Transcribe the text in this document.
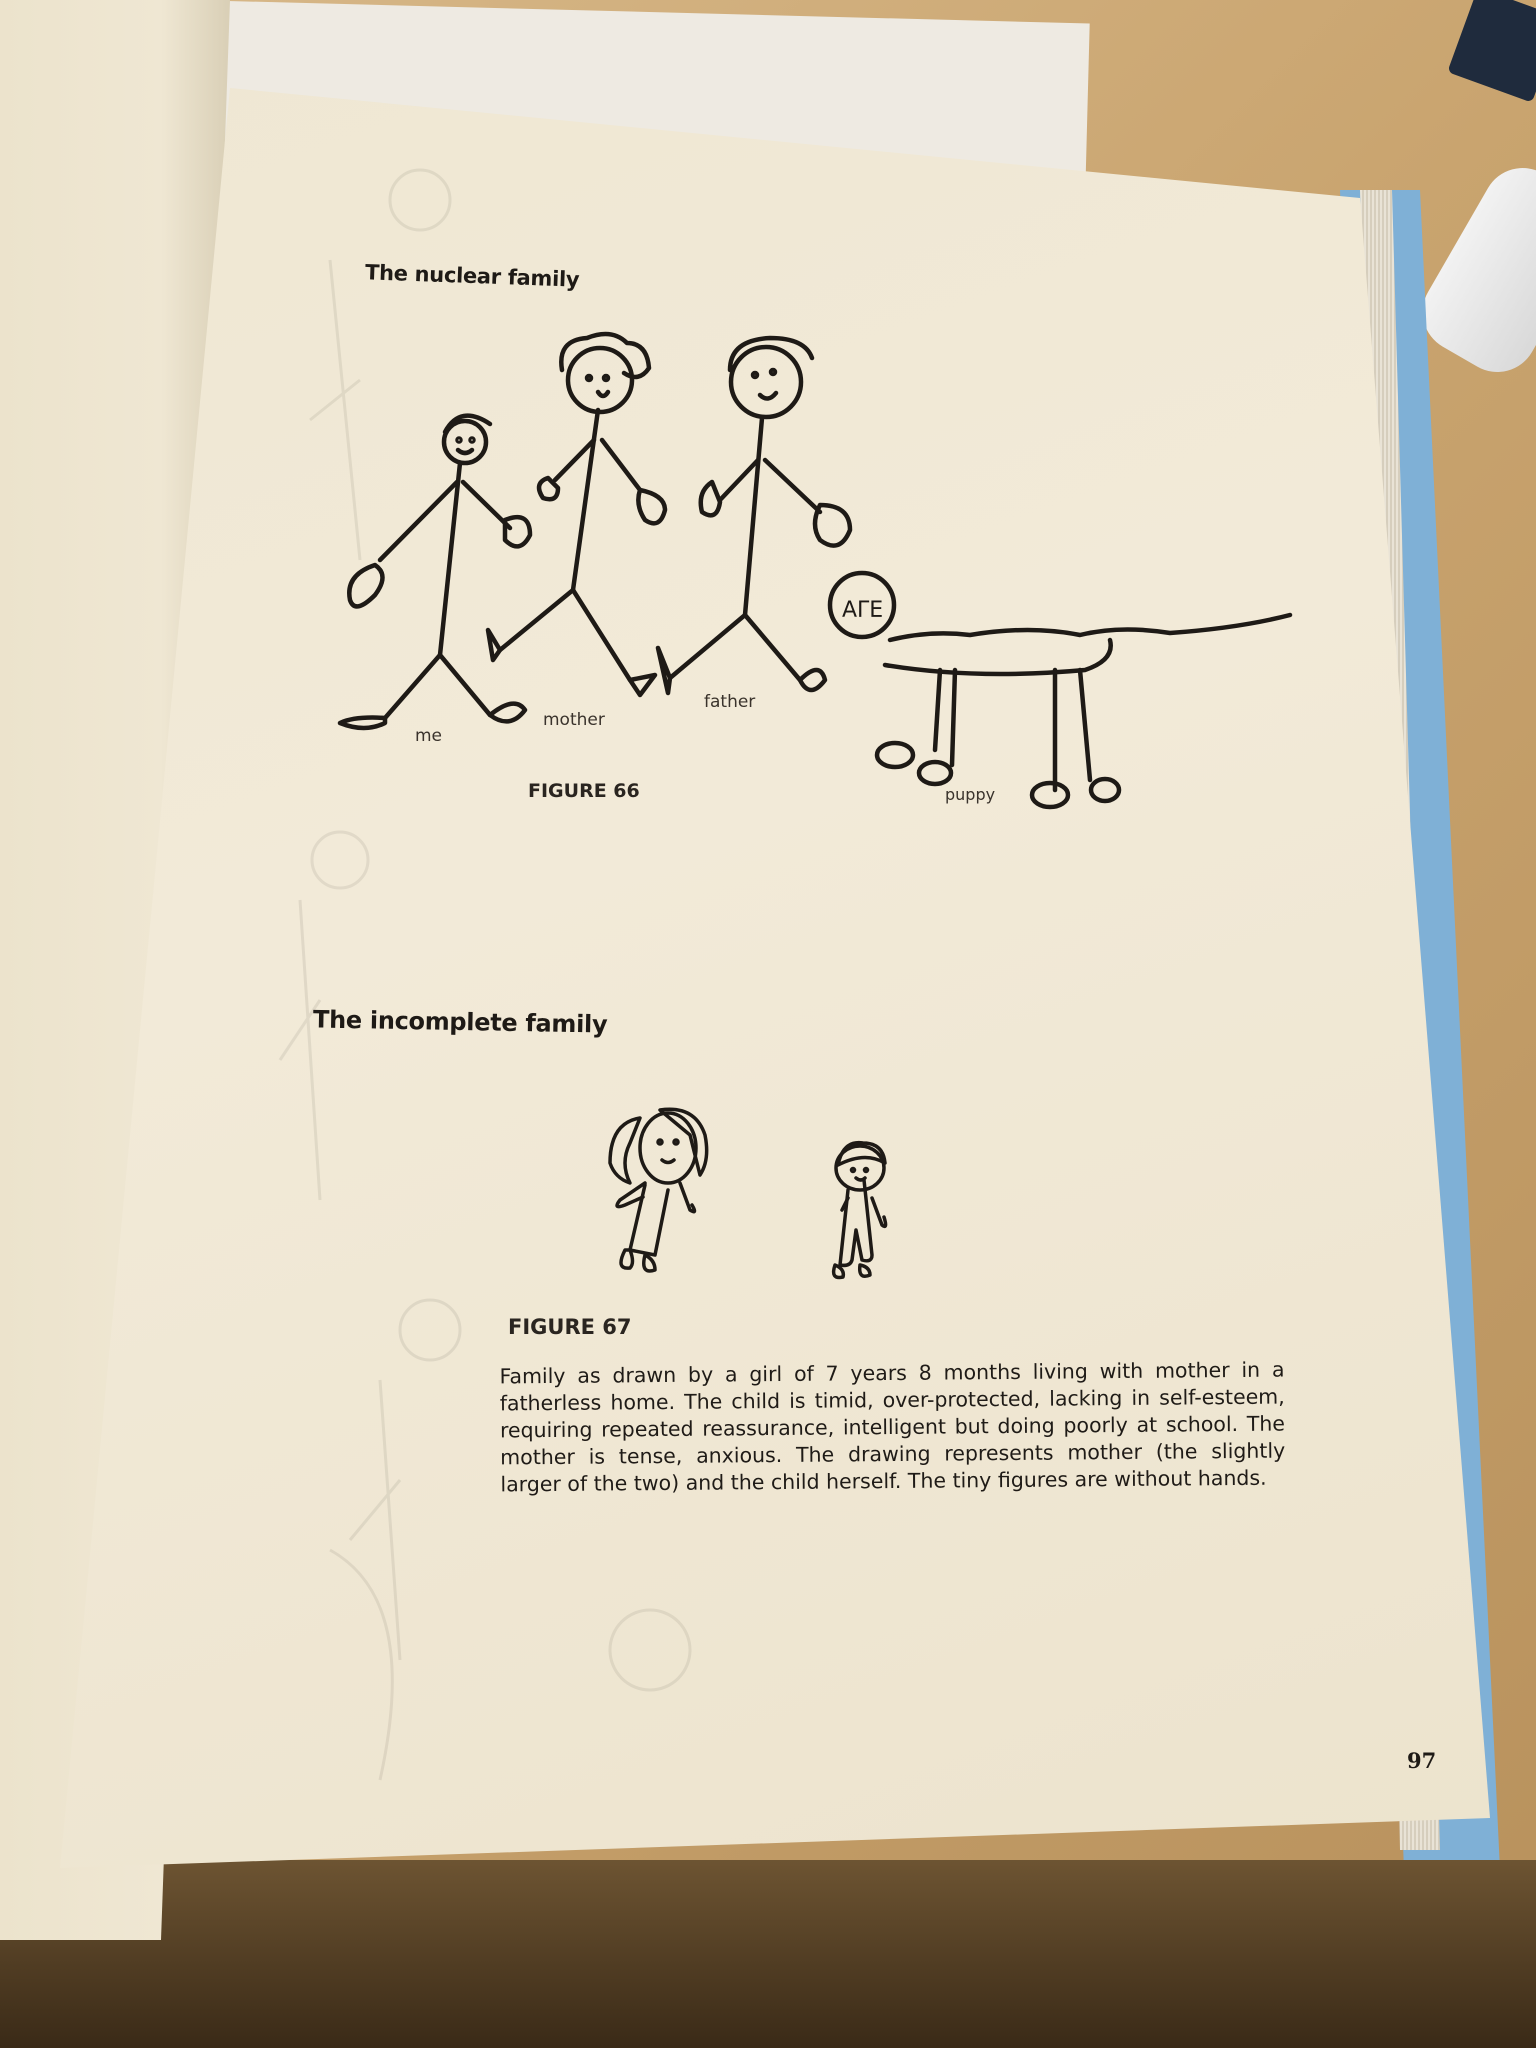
The nuclear family
ΑΓΕ
me
mother
father
puppy
FIGURE 66
The incomplete family
FIGURE 67
Family as drawn by a girl of 7 years 8 months living with mother in a fatherless home. The child is timid, over-protected, lacking in self-esteem, requiring repeated reassurance, intelligent but doing poorly at school. The mother is tense, anxious. The drawing represents mother (the slightly larger of the two) and the child herself. The tiny figures are without hands.
97
